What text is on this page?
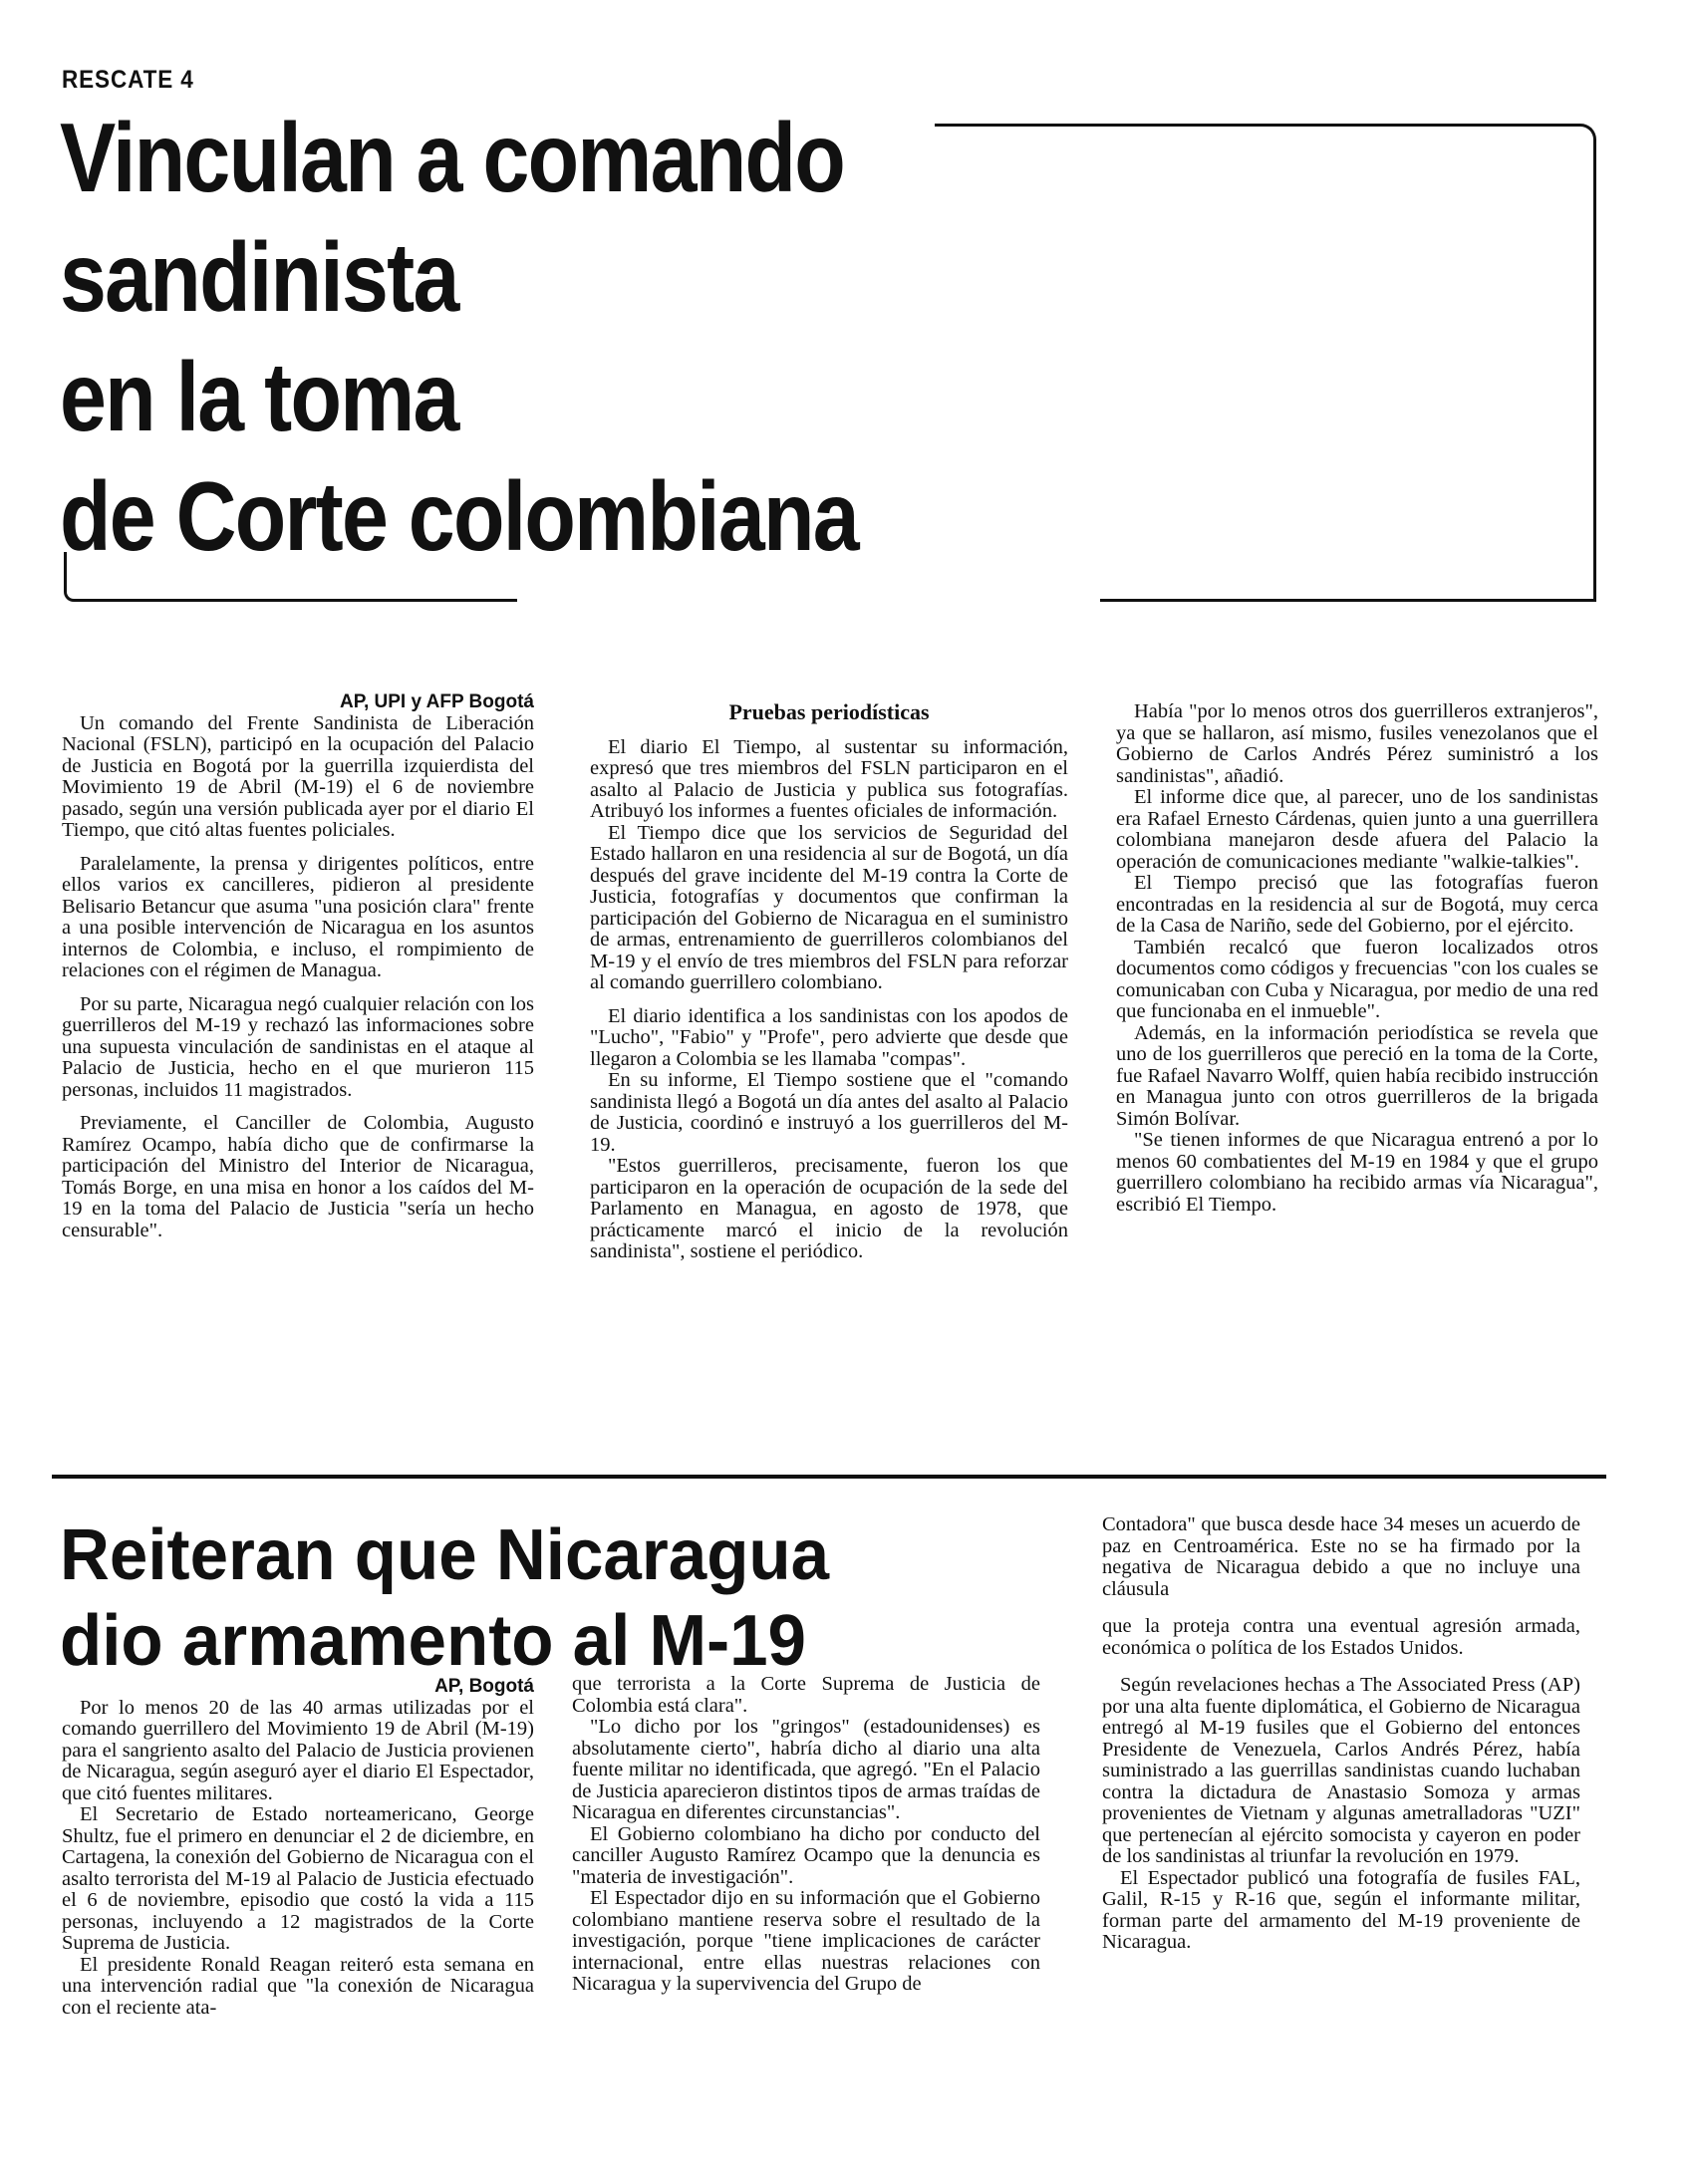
RESCATE 4
Vinculan a comando
sandinista
en la toma
de Corte colombiana

AP, UPI y AFP Bogotá

Un comando del Frente Sandinista de Liberación Nacional (FSLN), participó en la ocupación del Palacio de Justicia en Bogotá por la guerrilla izquierdista del Movimiento 19 de Abril (M-19) el 6 de noviembre pasado, según una versión publicada ayer por el diario El Tiempo, que citó altas fuentes policiales.

Paralelamente, la prensa y dirigentes políticos, entre ellos varios ex cancilleres, pidieron al presidente Belisario Betancur que asuma "una posición clara" frente a una posible intervención de Nicaragua en los asuntos internos de Colombia, e incluso, el rompimiento de relaciones con el régimen de Managua.

Por su parte, Nicaragua negó cualquier relación con los guerrilleros del M-19 y rechazó las informaciones sobre una supuesta vinculación de sandinistas en el ataque al Palacio de Justicia, hecho en el que murieron 115 personas, incluidos 11 magistrados.

Previamente, el Canciller de Colombia, Augusto Ramírez Ocampo, había dicho que de confirmarse la participación del Ministro del Interior de Nicaragua, Tomás Borge, en una misa en honor a los caídos del M-19 en la toma del Palacio de Justicia "sería un hecho censurable".

Pruebas periodísticas

El diario El Tiempo, al sustentar su información, expresó que tres miembros del FSLN participaron en el asalto al Palacio de Justicia y publica sus fotografías. Atribuyó los informes a fuentes oficiales de información.

El Tiempo dice que los servicios de Seguridad del Estado hallaron en una residencia al sur de Bogotá, un día después del grave incidente del M-19 contra la Corte de Justicia, fotografías y documentos que confirman la participación del Gobierno de Nicaragua en el suministro de armas, entrenamiento de guerrilleros colombianos del M-19 y el envío de tres miembros del FSLN para reforzar al comando guerrillero colombiano.

El diario identifica a los sandinistas con los apodos de "Lucho", "Fabio" y "Profe", pero advierte que desde que llegaron a Colombia se les llamaba "compas".

En su informe, El Tiempo sostiene que el "comando sandinista llegó a Bogotá un día antes del asalto al Palacio de Justicia, coordinó e instruyó a los guerrilleros del M-19.

"Estos guerrilleros, precisamente, fueron los que participaron en la operación de ocupación de la sede del Parlamento en Managua, en agosto de 1978, que prácticamente marcó el inicio de la revolución sandinista", sostiene el periódico.

Había "por lo menos otros dos guerrilleros extranjeros", ya que se hallaron, así mismo, fusiles venezolanos que el Gobierno de Carlos Andrés Pérez suministró a los sandinistas", añadió.

El informe dice que, al parecer, uno de los sandinistas era Rafael Ernesto Cárdenas, quien junto a una guerrillera colombiana manejaron desde afuera del Palacio la operación de comunicaciones mediante "walkie-talkies".

El Tiempo precisó que las fotografías fueron encontradas en la residencia al sur de Bogotá, muy cerca de la Casa de Nariño, sede del Gobierno, por el ejército.

También recalcó que fueron localizados otros documentos como códigos y frecuencias "con los cuales se comunicaban con Cuba y Nicaragua, por medio de una red que funcionaba en el inmueble".

Además, en la información periodística se revela que uno de los guerrilleros que pereció en la toma de la Corte, fue Rafael Navarro Wolff, quien había recibido instrucción en Managua junto con otros guerrilleros de la brigada Simón Bolívar.

"Se tienen informes de que Nicaragua entrenó a por lo menos 60 combatientes del M-19 en 1984 y que el grupo guerrillero colombiano ha recibido armas vía Nicaragua", escribió El Tiempo.

Reiteran que Nicaragua
dio armamento al M-19

AP, Bogotá

Por lo menos 20 de las 40 armas utilizadas por el comando guerrillero del Movimiento 19 de Abril (M-19) para el sangriento asalto del Palacio de Justicia provienen de Nicaragua, según aseguró ayer el diario El Espectador, que citó fuentes militares.

El Secretario de Estado norteamericano, George Shultz, fue el primero en denunciar el 2 de diciembre, en Cartagena, la conexión del Gobierno de Nicaragua con el asalto terrorista del M-19 al Palacio de Justicia efectuado el 6 de noviembre, episodio que costó la vida a 115 personas, incluyendo a 12 magistrados de la Corte Suprema de Justicia.

El presidente Ronald Reagan reiteró esta semana en una intervención radial que "la conexión de Nicaragua con el reciente ata-

que terrorista a la Corte Suprema de Justicia de Colombia está clara".

"Lo dicho por los "gringos" (estadounidenses) es absolutamente cierto", habría dicho al diario una alta fuente militar no identificada, que agregó. "En el Palacio de Justicia aparecieron distintos tipos de armas traídas de Nicaragua en diferentes circunstancias".

El Gobierno colombiano ha dicho por conducto del canciller Augusto Ramírez Ocampo que la denuncia es "materia de investigación".

El Espectador dijo en su información que el Gobierno colombiano mantiene reserva sobre el resultado de la investigación, porque "tiene implicaciones de carácter internacional, entre ellas nuestras relaciones con Nicaragua y la supervivencia del Grupo de

Contadora" que busca desde hace 34 meses un acuerdo de paz en Centroamérica. Este no se ha firmado por la negativa de Nicaragua debido a que no incluye una cláusula

que la proteja contra una eventual agresión armada, económica o política de los Estados Unidos.

Según revelaciones hechas a The Associated Press (AP) por una alta fuente diplomática, el Gobierno de Nicaragua entregó al M-19 fusiles que el Gobierno del entonces Presidente de Venezuela, Carlos Andrés Pérez, había suministrado a las guerrillas sandinistas cuando luchaban contra la dictadura de Anastasio Somoza y armas provenientes de Vietnam y algunas ametralladoras "UZI" que pertenecían al ejército somocista y cayeron en poder de los sandinistas al triunfar la revolución en 1979.

El Espectador publicó una fotografía de fusiles FAL, Galil, R-15 y R-16 que, según el informante militar, forman parte del armamento del M-19 proveniente de Nicaragua.
